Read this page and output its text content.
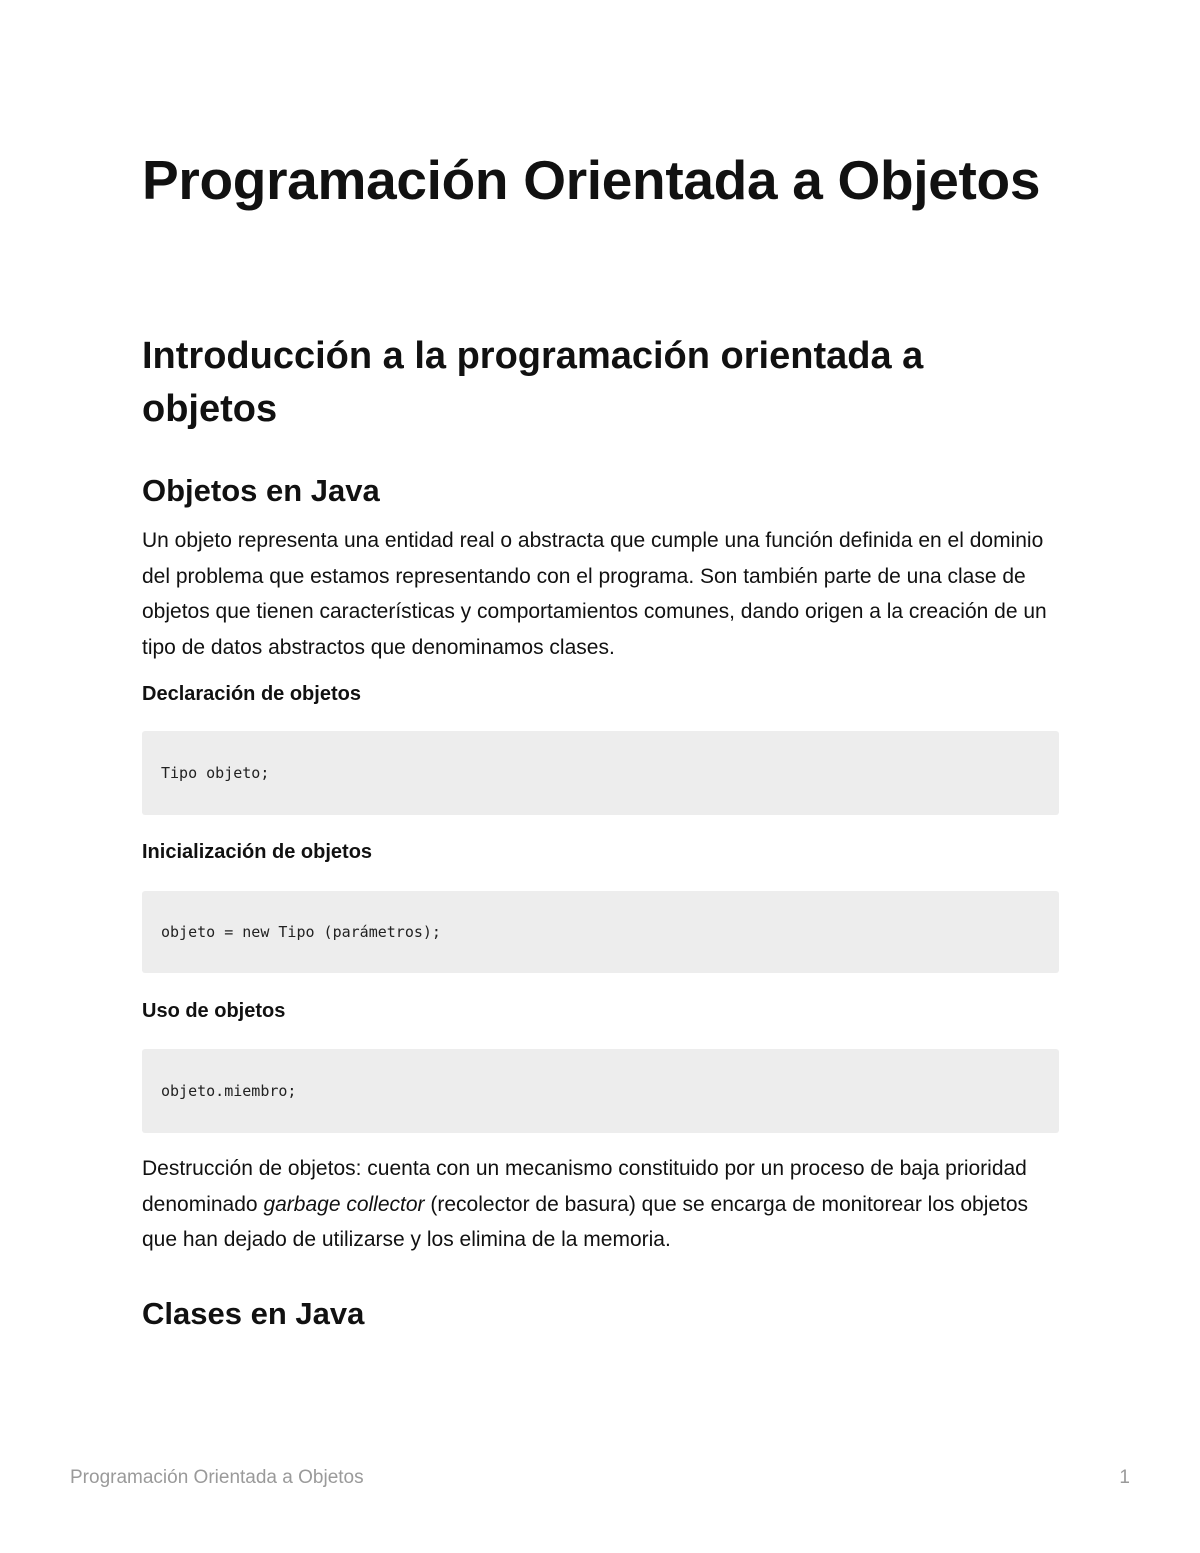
Programación Orientada a Objetos
Introducción a la programación orientada a objetos
Objetos en Java

Un objeto representa una entidad real o abstracta que cumple una función definida en el dominio del problema que estamos representando con el programa. Son también parte de una clase de objetos que tienen características y comportamientos comunes, dando origen a la creación de un tipo de datos abstractos que denominamos clases.

Declaración de objetos
Tipo objeto;
Inicialización de objetos
objeto = new Tipo (parámetros);
Uso de objetos
objeto.miembro;

Destrucción de objetos: cuenta con un mecanismo constituido por un proceso de baja prioridad denominado garbage collector (recolector de basura) que se encarga de monitorear los objetos que han dejado de utilizarse y los elimina de la memoria.

Clases en Java
Programación Orientada a Objetos	1
